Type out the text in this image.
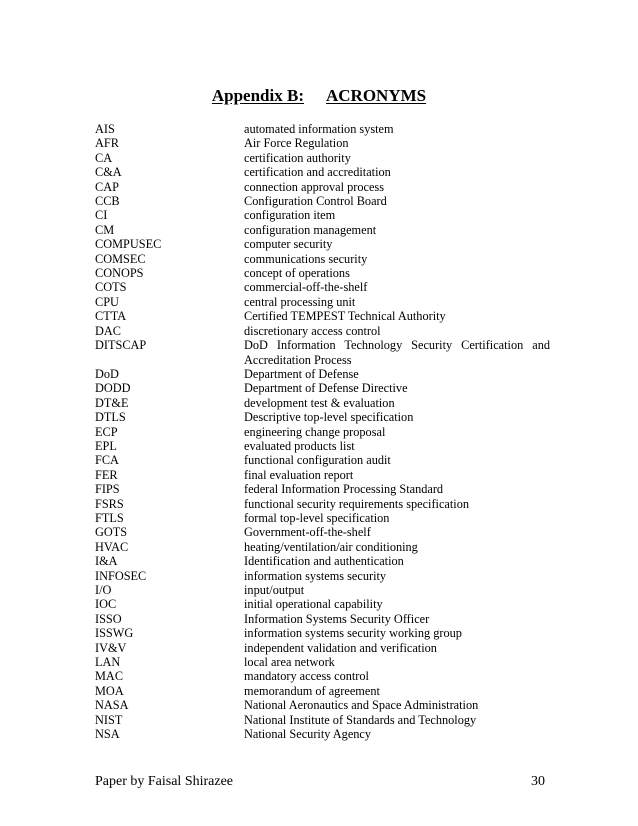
Appendix B: ACRONYMS
AIS	automated information system
AFR	Air Force Regulation
CA	certification authority
C&A	certification and accreditation
CAP	connection approval process
CCB	Configuration Control Board
CI	configuration item
CM	configuration management
COMPUSEC	computer security
COMSEC	communications security
CONOPS	concept of operations
COTS	commercial-off-the-shelf
CPU	central processing unit
CTTA	Certified TEMPEST Technical Authority
DAC	discretionary access control
DITSCAP	DoD Information Technology Security Certification and Accreditation Process
DoD	Department of Defense
DODD	Department of Defense Directive
DT&E	development test & evaluation
DTLS	Descriptive top-level specification
ECP	engineering change proposal
EPL	evaluated products list
FCA	functional configuration audit
FER	final evaluation report
FIPS	federal Information Processing Standard
FSRS	functional security requirements specification
FTLS	formal top-level specification
GOTS	Government-off-the-shelf
HVAC	heating/ventilation/air conditioning
I&A	Identification and authentication
INFOSEC	information systems security
I/O	input/output
IOC	initial operational capability
ISSO	Information Systems Security Officer
ISSWG	information systems security working group
IV&V	independent validation and verification
LAN	local area network
MAC	mandatory access control
MOA	memorandum of agreement
NASA	National Aeronautics and Space Administration
NIST	National Institute of Standards and Technology
NSA	National Security Agency
Paper by Faisal Shirazee	30
